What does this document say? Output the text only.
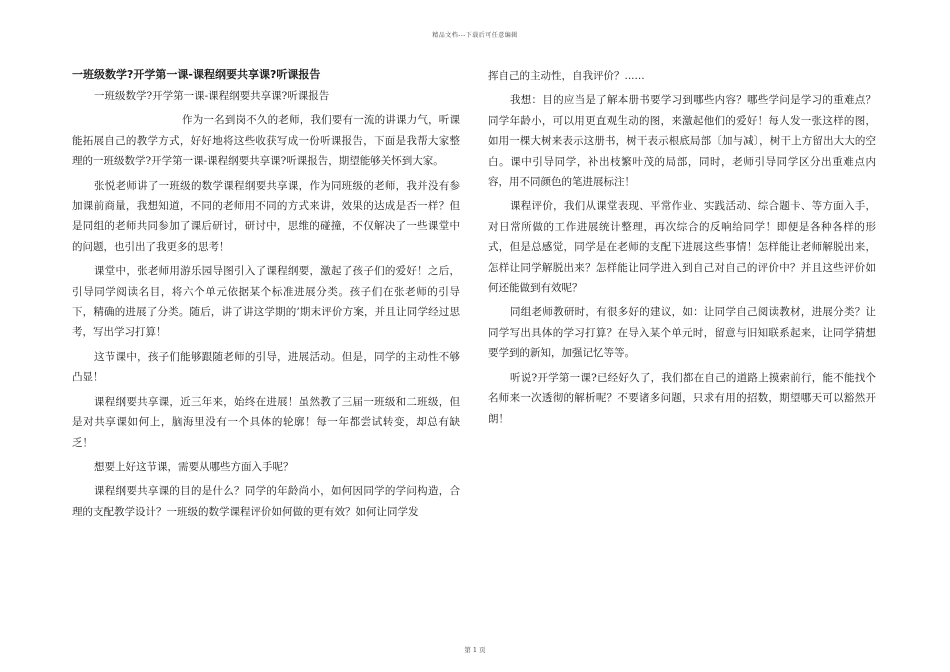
精品文档---下载后可任意编辑
一班级数学?开学第一课-课程纲要共享课?听课报告

一班级数学?开学第一课-课程纲要共享课?听课报告

作为一名到岗不久的老师，我们要有一流的讲课力气，听课能拓展自己的教学方式，好好地将这些收获写成一份听课报告，下面是我帮大家整理的一班级数学?开学第一课-课程纲要共享课?听课报告，期望能够关怀到大家。

张悦老师讲了一班级的数学课程纲要共享课，作为同班级的老师，我并没有参加课前商量，我想知道，不同的老师用不同的方式来讲，效果的达成是否一样？但是同组的老师共同参加了课后研讨，研讨中，思维的碰撞，不仅解决了一些课堂中的问题，也引出了我更多的思考！

课堂中，张老师用游乐园导图引入了课程纲要，激起了孩子们的爱好！之后，引导同学阅读名目，将六个单元依据某个标准进展分类。孩子们在张老师的引导下，精确的进展了分类。随后，讲了讲这学期的’期末评价方案，并且让同学经过思考，写出学习打算！

这节课中，孩子们能够跟随老师的引导，进展活动。但是，同学的主动性不够凸显！

课程纲要共享课，近三年来，始终在进展！虽然教了三届一班级和二班级，但是对共享课如何上，脑海里没有一个具体的轮廓！每一年都尝试转变，却总有缺乏！

想要上好这节课，需要从哪些方面入手呢？

课程纲要共享课的目的是什么？同学的年龄尚小，如何因同学的学问构造，合理的支配教学设计？一班级的数学课程评价如何做的更有效？如何让同学发

挥自己的主动性，自我评价？......

我想：目的应当是了解本册书要学习到哪些内容？哪些学问是学习的重难点？同学年龄小，可以用更直观生动的图，来激起他们的爱好！每人发一张这样的图，如用一棵大树来表示这册书，树干表示根底局部〔加与减〕，树干上方留出大大的空白。课中引导同学，补出枝繁叶茂的局部，同时，老师引导同学区分出重难点内容，用不同颜色的笔进展标注！

课程评价，我们从课堂表现、平常作业、实践活动、综合题卡、等方面入手，对日常所做的工作进展统计整理，再次综合的反响给同学！即便是各种各样的形式，但是总感觉，同学是在老师的支配下进展这些事情！怎样能让老师解脱出来，怎样让同学解脱出来？怎样能让同学进入到自己对自己的评价中？并且这些评价如何还能做到有效呢？

同组老师教研时，有很多好的建议，如：让同学自己阅读教材，进展分类？让同学写出具体的学习打算？在导入某个单元时，留意与旧知联系起来，让同学猜想要学到的新知，加强记忆等等。

听说?开学第一课?已经好久了，我们都在自己的道路上摸索前行，能不能找个名师来一次透彻的解析呢？不要诸多问题，只求有用的招数，期望哪天可以豁然开朗！

第 1 页
